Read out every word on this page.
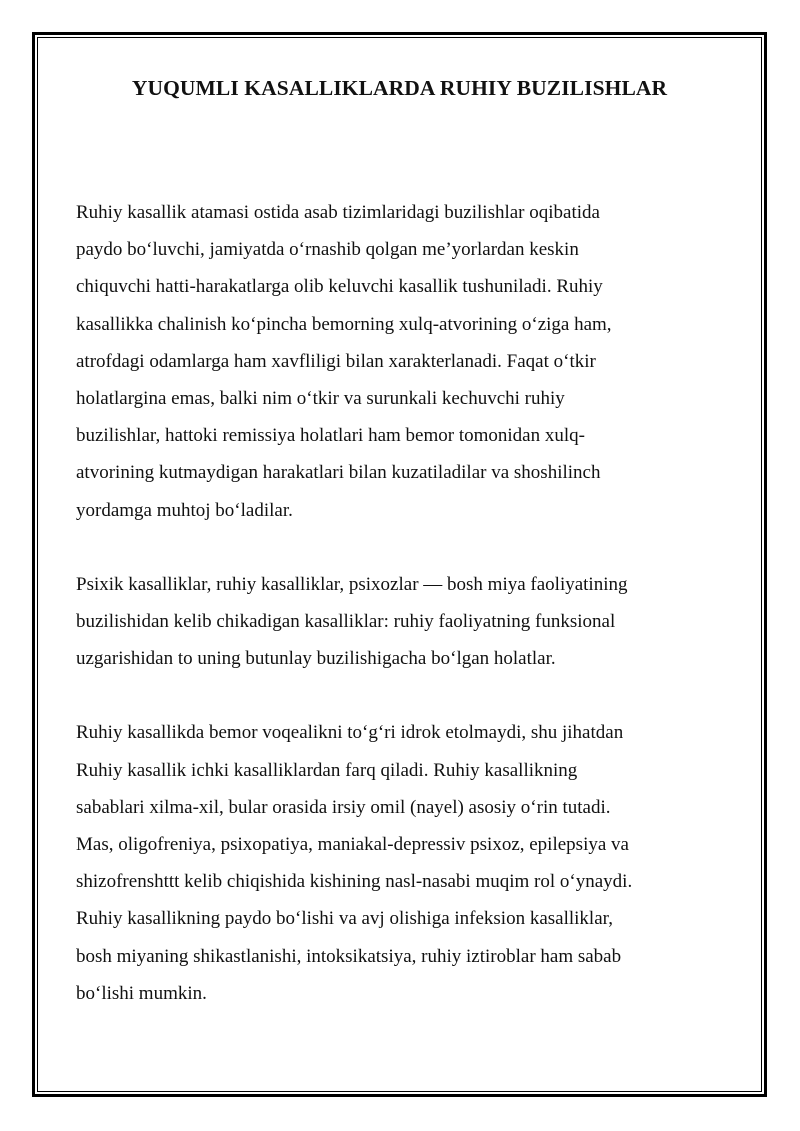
YUQUMLI KASALLIKLARDA RUHIY BUZILISHLAR

Ruhiy kasallik atamasi ostida asab tizimlaridagi buzilishlar oqibatida
paydo bo‘luvchi, jamiyatda o‘rnashib qolgan me’yorlardan keskin
chiquvchi hatti-harakatlarga olib keluvchi kasallik tushuniladi. Ruhiy
kasallikka chalinish ko‘pincha bemorning xulq-atvorining o‘ziga ham,
atrofdagi odamlarga ham xavfliligi bilan xarakterlanadi. Faqat o‘tkir
holatlargina emas, balki nim o‘tkir va surunkali kechuvchi ruhiy
buzilishlar, hattoki remissiya holatlari ham bemor tomonidan xulq-
atvorining kutmaydigan harakatlari bilan kuzatiladilar va shoshilinch
yordamga muhtoj bo‘ladilar.

Psixik kasalliklar, ruhiy kasalliklar, psixozlar — bosh miya faoliyatining
buzilishidan kelib chikadigan kasalliklar: ruhiy faoliyatning funksional
uzgarishidan to uning butunlay buzilishigacha bo‘lgan holatlar.

Ruhiy kasallikda bemor voqealikni to‘g‘ri idrok etolmaydi, shu jihatdan
Ruhiy kasallik ichki kasalliklardan farq qiladi. Ruhiy kasallikning
sabablari xilma-xil, bular orasida irsiy omil (nayel) asosiy o‘rin tutadi.
Mas, oligofreniya, psixopatiya, maniakal-depressiv psixoz, epilepsiya va
shizofrenshttt kelib chiqishida kishining nasl-nasabi muqim rol o‘ynaydi.
Ruhiy kasallikning paydo bo‘lishi va avj olishiga infeksion kasalliklar,
bosh miyaning shikastlanishi, intoksikatsiya, ruhiy iztiroblar ham sabab
bo‘lishi mumkin.
